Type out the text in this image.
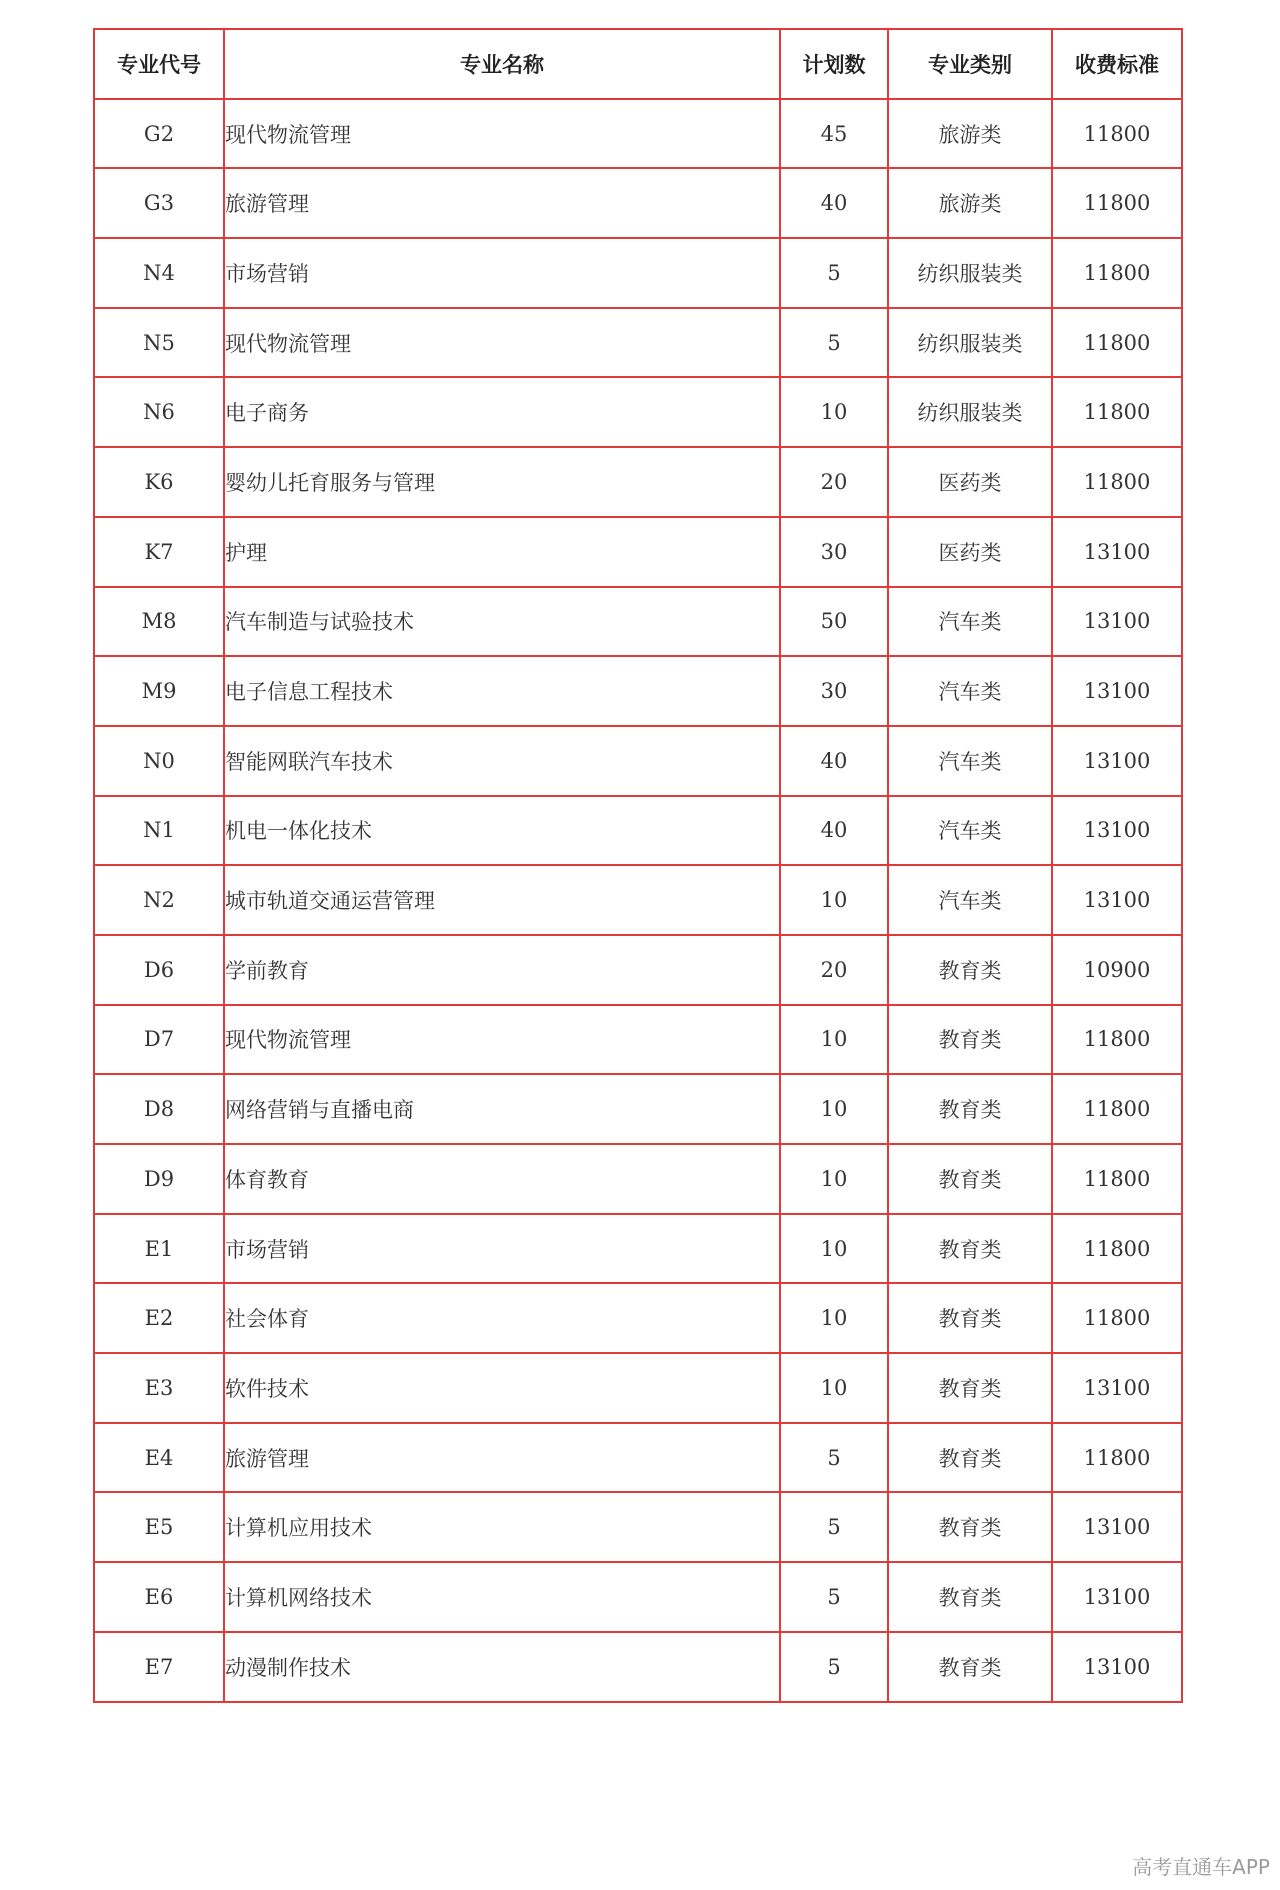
专业代号	专业名称	计划数	专业类别	收费标准
G2	现代物流管理	45	旅游类	11800
G3	旅游管理	40	旅游类	11800
N4	市场营销	5	纺织服装类	11800
N5	现代物流管理	5	纺织服装类	11800
N6	电子商务	10	纺织服装类	11800
K6	婴幼儿托育服务与管理	20	医药类	11800
K7	护理	30	医药类	13100
M8	汽车制造与试验技术	50	汽车类	13100
M9	电子信息工程技术	30	汽车类	13100
N0	智能网联汽车技术	40	汽车类	13100
N1	机电一体化技术	40	汽车类	13100
N2	城市轨道交通运营管理	10	汽车类	13100
D6	学前教育	20	教育类	10900
D7	现代物流管理	10	教育类	11800
D8	网络营销与直播电商	10	教育类	11800
D9	体育教育	10	教育类	11800
E1	市场营销	10	教育类	11800
E2	社会体育	10	教育类	11800
E3	软件技术	10	教育类	13100
E4	旅游管理	5	教育类	11800
E5	计算机应用技术	5	教育类	13100
E6	计算机网络技术	5	教育类	13100
E7	动漫制作技术	5	教育类	13100
高考直通车APP
